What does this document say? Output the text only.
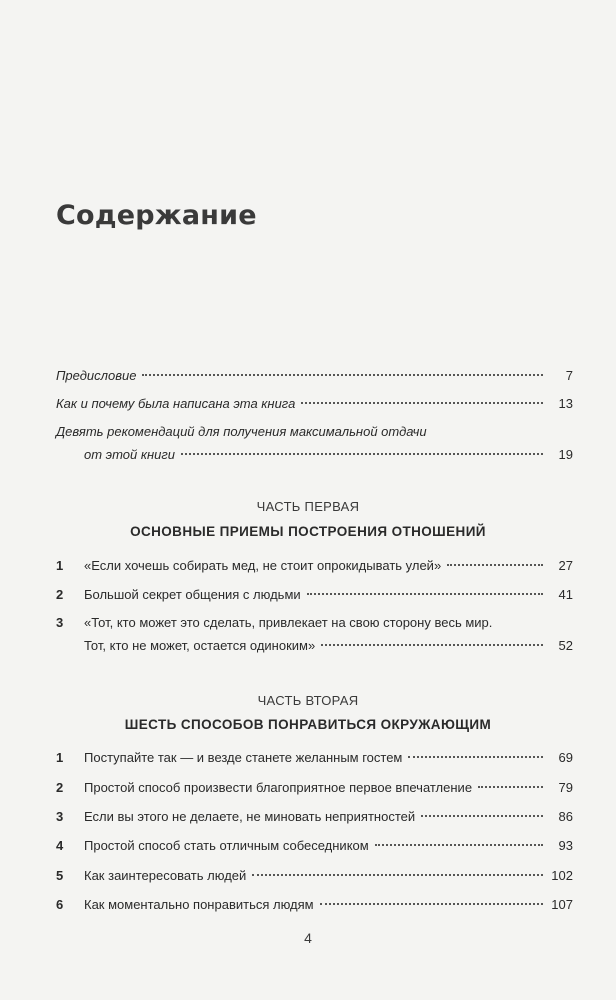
Содержание
Предисловие	7
Как и почему была написана эта книга	13
Девять рекомендаций для получения максимальной отдачи
от этой книги	19
ЧАСТЬ ПЕРВАЯ
ОСНОВНЫЕ ПРИЕМЫ ПОСТРОЕНИЯ ОТНОШЕНИЙ
1	«Если хочешь собирать мед, не стоит опрокидывать улей»	27
2	Большой секрет общения с людьми	41
3	«Тот, кто может это сделать, привлекает на свою сторону весь мир.
Тот, кто не может, остается одиноким»	52
ЧАСТЬ ВТОРАЯ
ШЕСТЬ СПОСОБОВ ПОНРАВИТЬСЯ ОКРУЖАЮЩИМ
1	Поступайте так — и везде станете желанным гостем	69
2	Простой способ произвести благоприятное первое впечатление	79
3	Если вы этого не делаете, не миновать неприятностей	86
4	Простой способ стать отличным собеседником	93
5	Как заинтересовать людей	102
6	Как моментально понравиться людям	107
4
